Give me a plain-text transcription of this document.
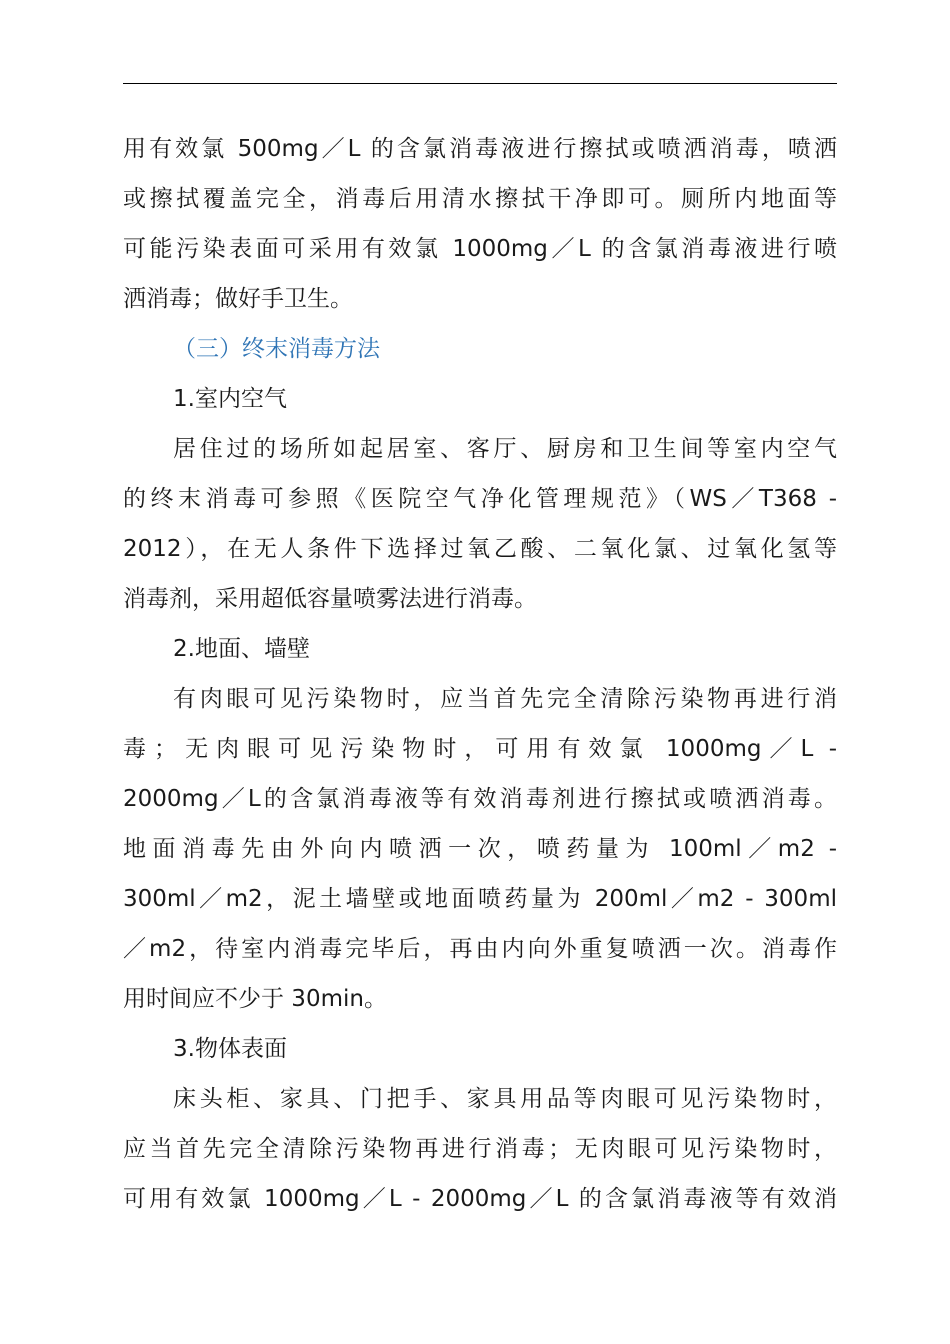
用有效氯 500mg／L 的含氯消毒液进行擦拭或喷洒消毒，喷洒
或擦拭覆盖完全，消毒后用清水擦拭干净即可。厕所内地面等
可能污染表面可采用有效氯 1000mg／L 的含氯消毒液进行喷
洒消毒；做好手卫生。
（三）终末消毒方法
1.室内空气
居住过的场所如起居室、客厅、厨房和卫生间等室内空气
的终末消毒可参照《医院空气净化管理规范》（WS／T368 -
2012），在无人条件下选择过氧乙酸、二氧化氯、过氧化氢等
消毒剂，采用超低容量喷雾法进行消毒。
2.地面、墙壁
有肉眼可见污染物时，应当首先完全清除污染物再进行消
毒；无肉眼可见污染物时，可用有效氯 1000mg／L -
2000mg／L的含氯消毒液等有效消毒剂进行擦拭或喷洒消毒。
地面消毒先由外向内喷洒一次，喷药量为 100ml／m2 -
300ml／m2，泥土墙壁或地面喷药量为 200ml／m2 - 300ml
／m2，待室内消毒完毕后，再由内向外重复喷洒一次。消毒作
用时间应不少于 30min。
3.物体表面
床头柜、家具、门把手、家具用品等肉眼可见污染物时，
应当首先完全清除污染物再进行消毒；无肉眼可见污染物时，
可用有效氯 1000mg／L - 2000mg／L 的含氯消毒液等有效消
